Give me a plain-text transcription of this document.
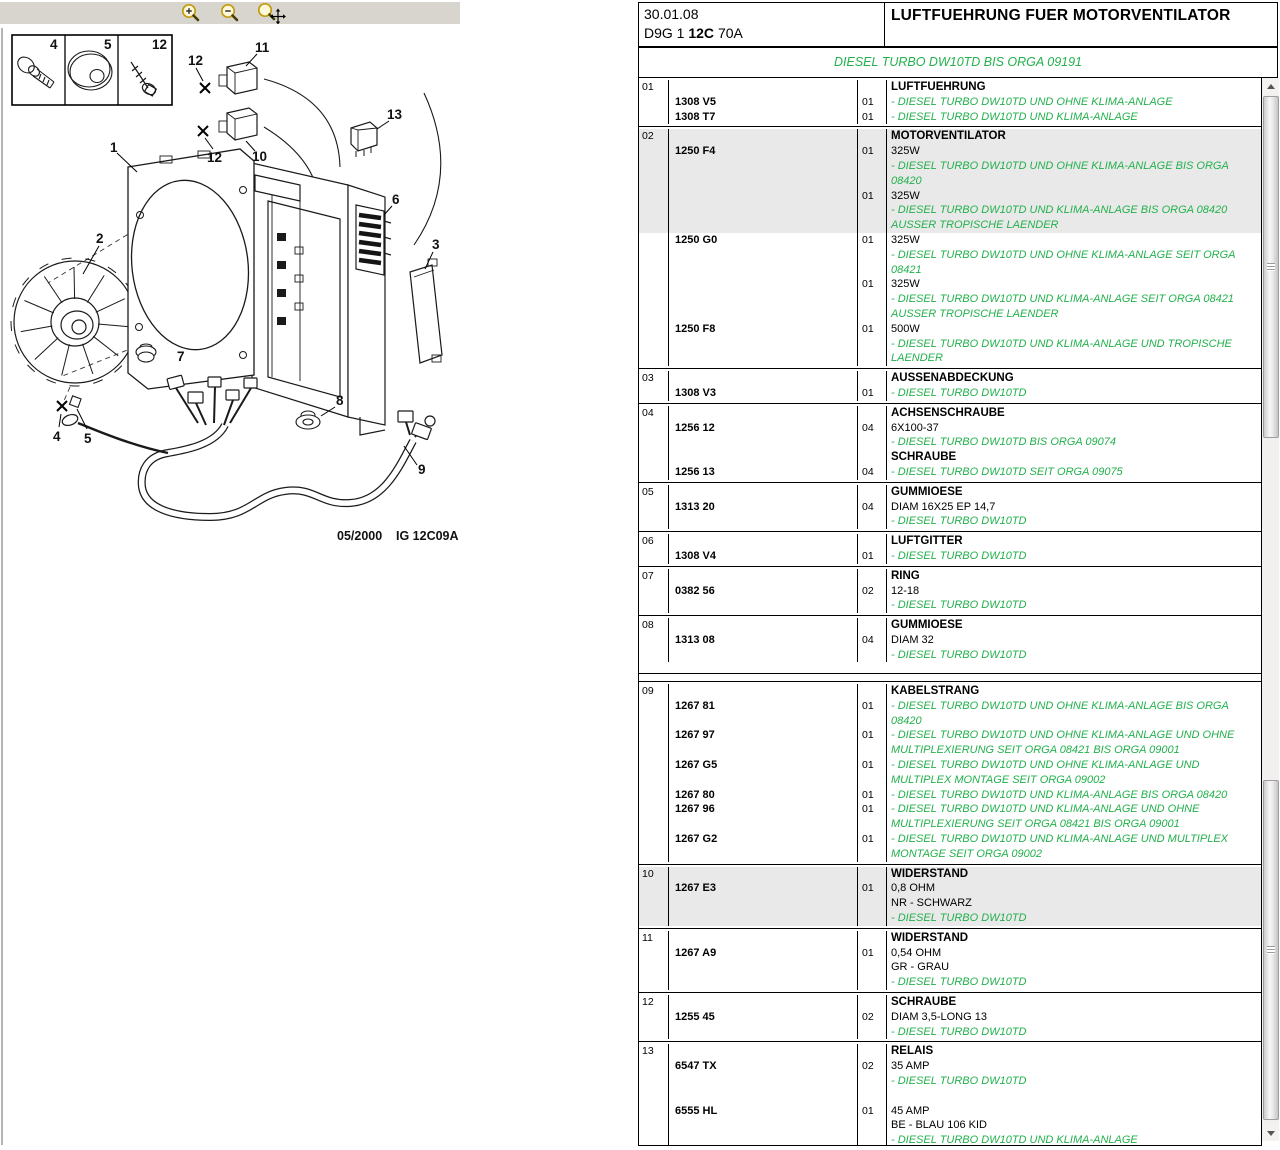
1
2	3
4 5
6
7
8
9
10
11
12
12
13
4	5	12
05/2000 IG 12C09A
30.01.08
D9G 1 12C 70A
LUFTFUEHRUNG FUER MOTORVENTILATOR
DIESEL TURBO DW10TD BIS ORGA 09191
01	LUFTFUEHRUNG
1308 V5	01	- DIESEL TURBO DW10TD UND OHNE KLIMA-ANLAGE
1308 T7	01	- DIESEL TURBO DW10TD UND KLIMA-ANLAGE
02	MOTORVENTILATOR
1250 F4	01	325W
- DIESEL TURBO DW10TD UND OHNE KLIMA-ANLAGE BIS ORGA
08420
01	325W
- DIESEL TURBO DW10TD UND KLIMA-ANLAGE BIS ORGA 08420
AUSSER TROPISCHE LAENDER
1250 G0	01	325W
- DIESEL TURBO DW10TD UND OHNE KLIMA-ANLAGE SEIT ORGA
08421
01	325W
- DIESEL TURBO DW10TD UND KLIMA-ANLAGE SEIT ORGA 08421
AUSSER TROPISCHE LAENDER
1250 F8	01	500W
- DIESEL TURBO DW10TD UND KLIMA-ANLAGE UND TROPISCHE
LAENDER
03	AUSSENABDECKUNG
1308 V3	01	- DIESEL TURBO DW10TD
04	ACHSENSCHRAUBE
1256 12	04	6X100-37
- DIESEL TURBO DW10TD BIS ORGA 09074
SCHRAUBE
1256 13	04	- DIESEL TURBO DW10TD SEIT ORGA 09075
05	GUMMIOESE
1313 20	04	DIAM 16X25 EP 14,7
- DIESEL TURBO DW10TD
06	LUFTGITTER
1308 V4	01	- DIESEL TURBO DW10TD
07	RING
0382 56	02	12-18
- DIESEL TURBO DW10TD
08	GUMMIOESE
1313 08	04	DIAM 32
- DIESEL TURBO DW10TD
09	KABELSTRANG
1267 81	01	- DIESEL TURBO DW10TD UND OHNE KLIMA-ANLAGE BIS ORGA
08420
1267 97	01	- DIESEL TURBO DW10TD UND OHNE KLIMA-ANLAGE UND OHNE
MULTIPLEXIERUNG SEIT ORGA 08421 BIS ORGA 09001
1267 G5	01	- DIESEL TURBO DW10TD UND OHNE KLIMA-ANLAGE UND
MULTIPLEX MONTAGE SEIT ORGA 09002
1267 80	01	- DIESEL TURBO DW10TD UND KLIMA-ANLAGE BIS ORGA 08420
1267 96	01	- DIESEL TURBO DW10TD UND KLIMA-ANLAGE UND OHNE
MULTIPLEXIERUNG SEIT ORGA 08421 BIS ORGA 09001
1267 G2	01	- DIESEL TURBO DW10TD UND KLIMA-ANLAGE UND MULTIPLEX
MONTAGE SEIT ORGA 09002
10	WIDERSTAND
1267 E3	01	0,8 OHM
NR - SCHWARZ
- DIESEL TURBO DW10TD
11	WIDERSTAND
1267 A9	01	0,54 OHM
GR - GRAU
- DIESEL TURBO DW10TD
12	SCHRAUBE
1255 45	02	DIAM 3,5-LONG 13
- DIESEL TURBO DW10TD
13	RELAIS
6547 TX	02	35 AMP
- DIESEL TURBO DW10TD
6555 HL	01	45 AMP
BE - BLAU 106 KID
- DIESEL TURBO DW10TD UND KLIMA-ANLAGE
